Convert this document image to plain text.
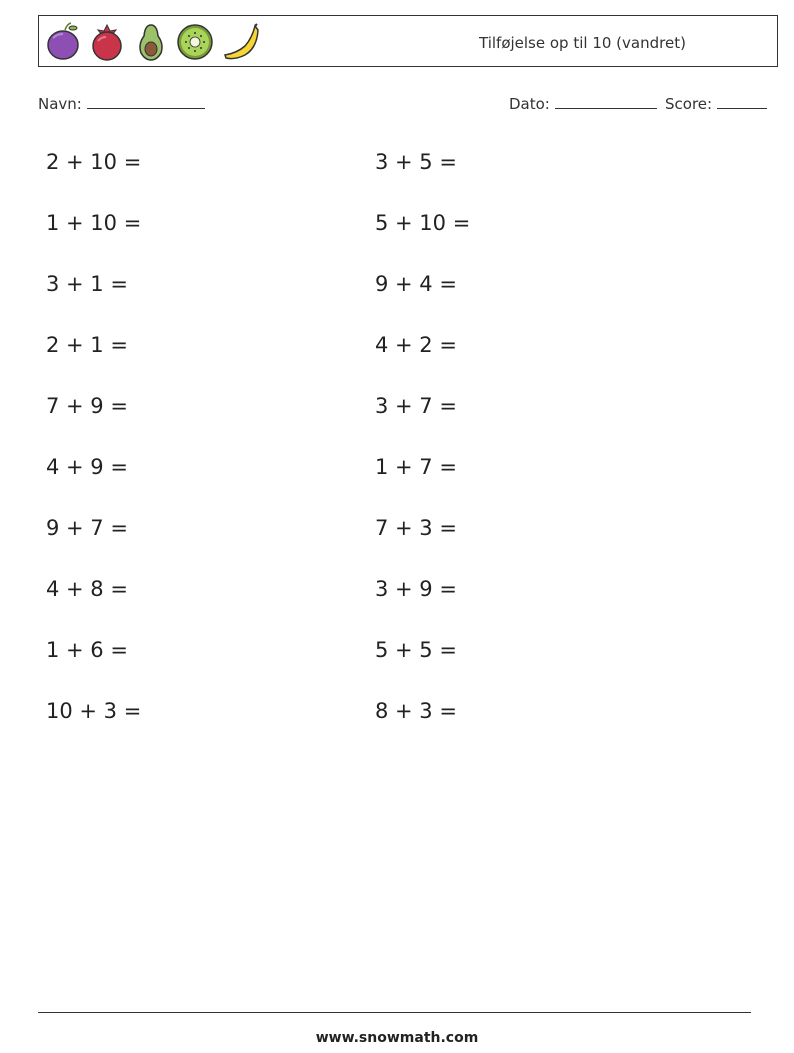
Tilføjelse op til 10 (vandret)
Navn:	Dato:	Score:
2 + 10 =
1 + 10 =
3 + 1 =
2 + 1 =
7 + 9 =
4 + 9 =
9 + 7 =
4 + 8 =
1 + 6 =
10 + 3 =
3 + 5 =
5 + 10 =
9 + 4 =
4 + 2 =
3 + 7 =
1 + 7 =
7 + 3 =
3 + 9 =
5 + 5 =
8 + 3 =
www.snowmath.com
